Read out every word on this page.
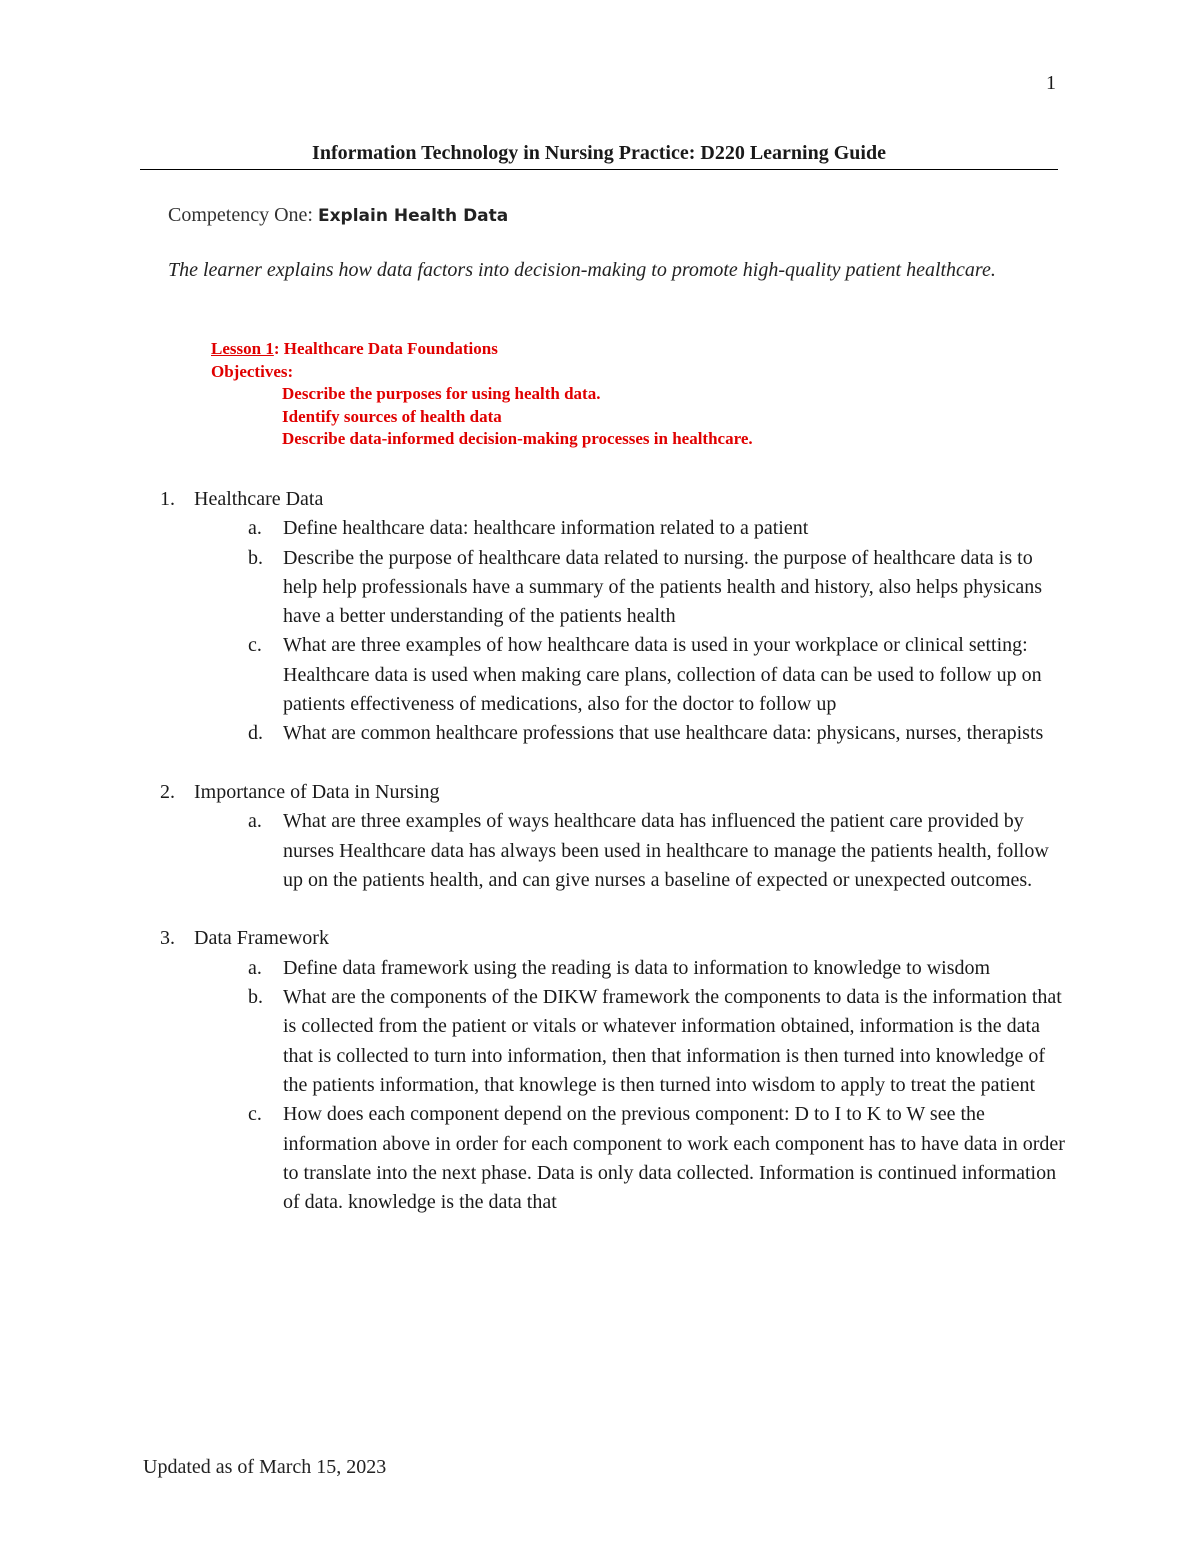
1
Information Technology in Nursing Practice: D220 Learning Guide
Competency One: Explain Health Data
The learner explains how data factors into decision-making to promote high-quality patient healthcare.
Lesson 1: Healthcare Data Foundations
Objectives:
Describe the purposes for using health data.
Identify sources of health data
Describe data-informed decision-making processes in healthcare.
1. Healthcare Data
a. Define healthcare data: healthcare information related to a patient
b. Describe the purpose of healthcare data related to nursing. the purpose of healthcare data is to help help professionals have a summary of the patients health and history, also helps physicans have a better understanding of the patients health
c. What are three examples of how healthcare data is used in your workplace or clinical setting: Healthcare data is used when making care plans, collection of data can be used to follow up on patients effectiveness of medications, also for the doctor to follow up
d. What are common healthcare professions that use healthcare data: physicans, nurses, therapists
2. Importance of Data in Nursing
a. What are three examples of ways healthcare data has influenced the patient care provided by nurses Healthcare data has always been used in healthcare to manage the patients health, follow up on the patients health, and can give nurses a baseline of expected or unexpected outcomes.
3. Data Framework
a. Define data framework using the reading is data to information to knowledge to wisdom
b. What are the components of the DIKW framework the components to data is the information that is collected from the patient or vitals or whatever information obtained, information is the data that is collected to turn into information, then that information is then turned into knowledge of the patients information, that knowlege is then turned into wisdom to apply to treat the patient
c. How does each component depend on the previous component: D to I to K to W see the information above in order for each component to work each component has to have data in order to translate into the next phase. Data is only data collected. Information is continued information of data. knowledge is the data that
Updated as of March 15, 2023
